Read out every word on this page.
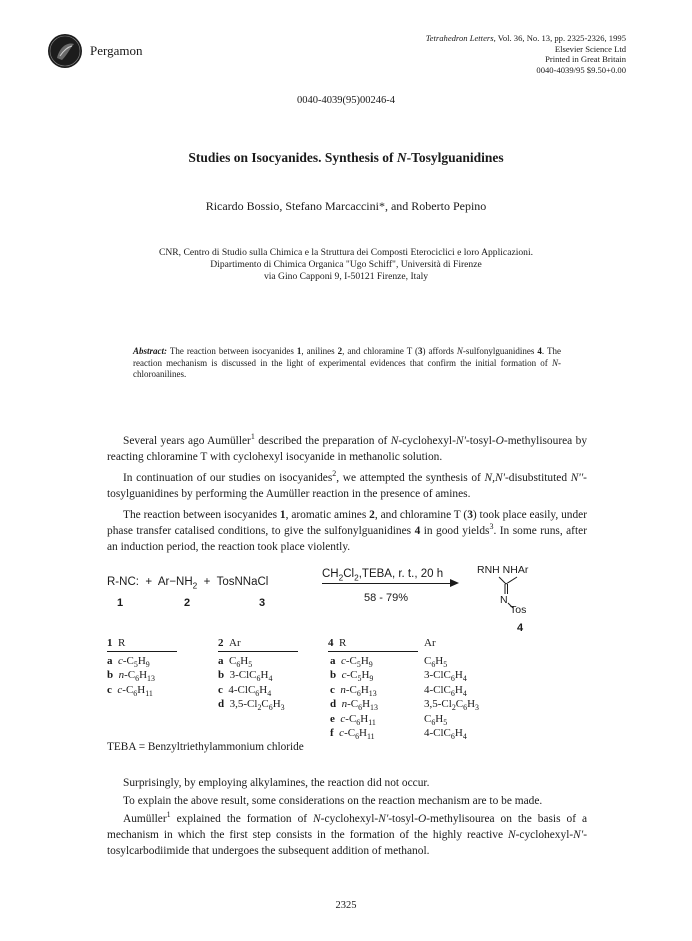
Pergamon
Tetrahedron Letters, Vol. 36, No. 13, pp. 2325-2326, 1995
Elsevier Science Ltd
Printed in Great Britain
0040-4039/95 $9.50+0.00
0040-4039(95)00246-4
Studies on Isocyanides. Synthesis of N-Tosylguanidines
Ricardo Bossio, Stefano Marcaccini*, and Roberto Pepino
CNR, Centro di Studio sulla Chimica e la Struttura dei Composti Eterociclici e loro Applicazioni.
Dipartimento di Chimica Organica "Ugo Schiff", Università di Firenze
via Gino Capponi 9, I-50121 Firenze, Italy
Abstract: The reaction between isocyanides 1, anilines 2, and chloramine T (3) affords N-sulfonylguanidines 4. The reaction mechanism is discussed in the light of experimental evidences that confirm the initial formation of N-chloroanilines.
Several years ago Aumüller$^1$ described the preparation of N-cyclohexyl-N'-tosyl-O-methylisourea by reacting chloramine T with cyclohexyl isocyanide in methanolic solution.
In continuation of our studies on isocyanides$^2$, we attempted the synthesis of N,N'-disubstituted N''-tosylguanidines by performing the Aumüller reaction in the presence of amines.
The reaction between isocyanides 1, aromatic amines 2, and chloramine T (3) took place easily, under phase transfer catalised conditions, to give the sulfonylguanidines 4 in good yields$^3$. In some runs, after an induction period, the reaction took place violently.
R-NC: + $Ar-NH_2$ + TosNNaCl
1	2	3
$CH_2Cl_2,TEBA$, r. t., 20 h
58 - 79%
RNH NHAr
N
Tos
4
1  R	2  Ar	4  R	Ar
a $c-C_5H_9$
b $n-C_6H_{13}$
c $c-C_6H_{11}$
a  $C_6H_5$
b  $3-ClC_6H_4$
c  $4-ClC_6H_4$
d  $3,5-Cl_2C_6H_3$
a $c-C_5H_9$	$C_6H_5$
b $c-C_5H_9$	$3-ClC_6H_4$
c $n-C_6H_{13}$	$4-ClC_6H_4$
d $n-C_6H_{13}$	$3,5-Cl_2C_6H_3$
e $c-C_6H_{11}$	$C_6H_5$
f $c-C_6H_{11}$	$4-ClC_6H_4$
TEBA = Benzyltriethylammonium chloride
Surprisingly, by employing alkylamines, the reaction did not occur.
To explain the above result, some considerations on the reaction mechanism are to be made.
Aumüller$^1$ explained the formation of N-cyclohexyl-N'-tosyl-O-methylisourea on the basis of a mechanism in which the first step consists in the formation of the highly reactive N-cyclohexyl-N'-tosylcarbodiimide that undergoes the subsequent addition of methanol.
2325
